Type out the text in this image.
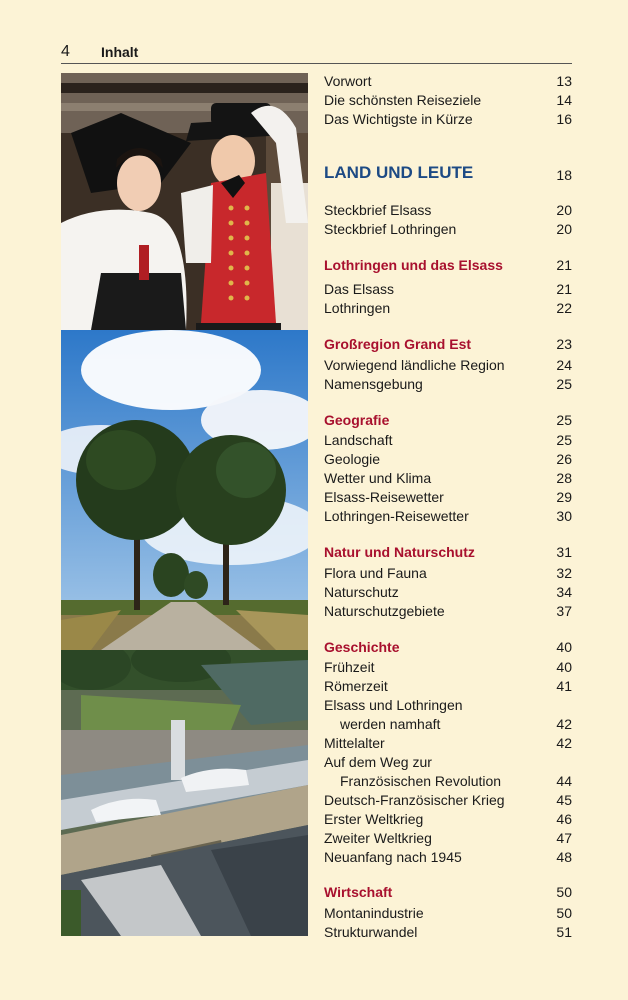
4 Inhalt
Vorwort	13
Die schönsten Reiseziele	14
Das Wichtigste in Kürze	16
LAND UND LEUTE	18
Steckbrief Elsass	20
Steckbrief Lothringen	20
Lothringen und das Elsass	21
Das Elsass	21
Lothringen	22
Großregion Grand Est	23
Vorwiegend ländliche Region	24
Namensgebung	25
Geografie	25
Landschaft	25
Geologie	26
Wetter und Klima	28
Elsass-Reisewetter	29
Lothringen-Reisewetter	30
Natur und Naturschutz	31
Flora und Fauna	32
Naturschutz	34
Naturschutzgebiete	37
Geschichte	40
Frühzeit	40
Römerzeit	41
Elsass und Lothringen
werden namhaft	42
Mittelalter	42
Auf dem Weg zur
Französischen Revolution	44
Deutsch-Französischer Krieg	45
Erster Weltkrieg	46
Zweiter Weltkrieg	47
Neuanfang nach 1945	48
Wirtschaft	50
Montanindustrie	50
Strukturwandel	51
